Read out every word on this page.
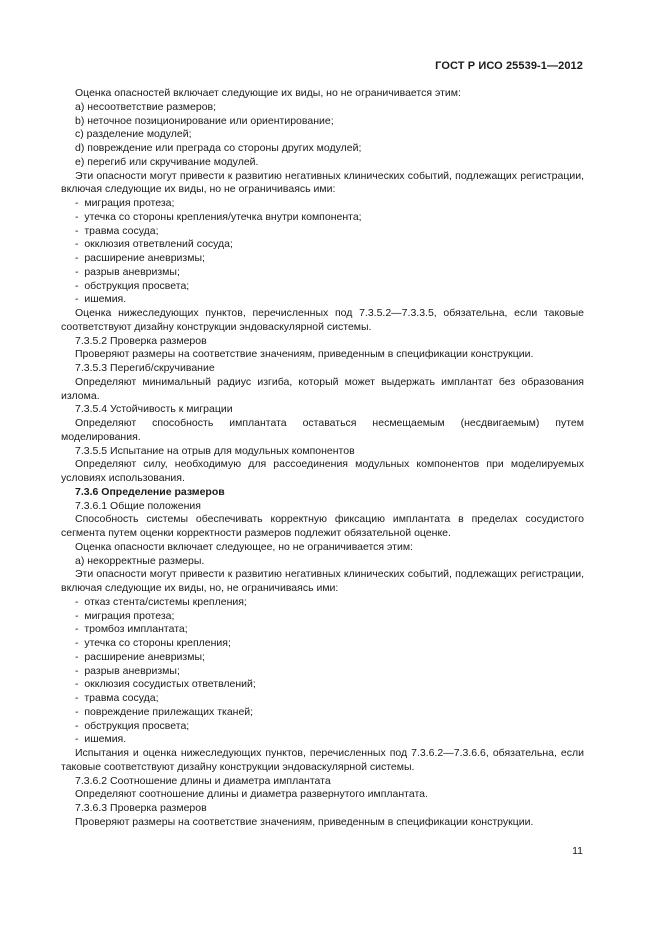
ГОСТ Р ИСО 25539-1—2012
Оценка опасностей включает следующие их виды, но не ограничивается этим:
a) несоответствие размеров;
b) неточное позиционирование или ориентирование;
c) разделение модулей;
d) повреждение или преграда со стороны других модулей;
e) перегиб или скручивание модулей.
Эти опасности могут привести к развитию негативных клинических событий, подлежащих регистрации, включая следующие их виды, но не ограничиваясь ими:
-  миграция протеза;
-  утечка со стороны крепления/утечка внутри компонента;
-  травма сосуда;
-  окклюзия ответвлений сосуда;
-  расширение аневризмы;
-  разрыв аневризмы;
-  обструкция просвета;
-  ишемия.
Оценка нижеследующих пунктов, перечисленных под 7.3.5.2—7.3.3.5, обязательна, если таковые соответствуют дизайну конструкции эндоваскулярной системы.
7.3.5.2 Проверка размеров
Проверяют размеры на соответствие значениям, приведенным в спецификации конструкции.
7.3.5.3 Перегиб/скручивание
Определяют минимальный радиус изгиба, который может выдержать имплантат без образования излома.
7.3.5.4 Устойчивость к миграции
Определяют способность имплантата оставаться несмещаемым (несдвигаемым) путем моделирования.
7.3.5.5 Испытание на отрыв для модульных компонентов
Определяют силу, необходимую для рассоединения модульных компонентов при моделируемых условиях использования.
7.3.6 Определение размеров
7.3.6.1 Общие положения
Способность системы обеспечивать корректную фиксацию имплантата в пределах сосудистого сегмента путем оценки корректности размеров подлежит обязательной оценке.
Оценка опасности включает следующее, но не ограничивается этим:
a) некорректные размеры.
Эти опасности могут привести к развитию негативных клинических событий, подлежащих регистрации, включая следующие их виды, но, не ограничиваясь ими:
-  отказ стента/системы крепления;
-  миграция протеза;
-  тромбоз имплантата;
-  утечка со стороны крепления;
-  расширение аневризмы;
-  разрыв аневризмы;
-  окклюзия сосудистых ответвлений;
-  травма сосуда;
-  повреждение прилежащих тканей;
-  обструкция просвета;
-  ишемия.
Испытания и оценка нижеследующих пунктов, перечисленных под 7.3.6.2—7.3.6.6, обязательна, если таковые соответствуют дизайну конструкции эндоваскулярной системы.
7.3.6.2 Соотношение длины и диаметра имплантата
Определяют соотношение длины и диаметра развернутого имплантата.
7.3.6.3 Проверка размеров
Проверяют размеры на соответствие значениям, приведенным в спецификации конструкции.
11
